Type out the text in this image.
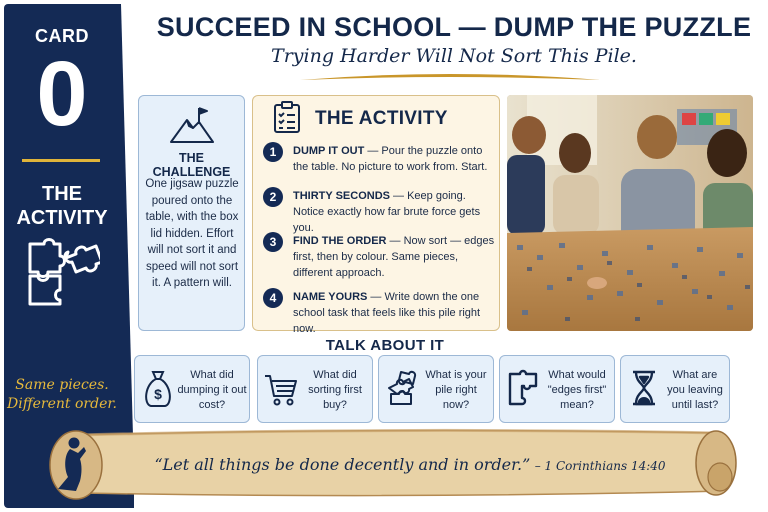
CARD
0
THE
ACTIVITY
Same pieces.
Different order.
SUCCEED IN SCHOOL — DUMP THE PUZZLE
Trying Harder Will Not Sort This Pile.
THE CHALLENGE

One jigsaw puzzle poured onto the table, with the box lid hidden. Effort will not sort it and speed will not sort it. A pattern will.

THE ACTIVITY
1	DUMP IT OUT — Pour the puzzle onto the table. No picture to work from. Start.
2	THIRTY SECONDS — Keep going. Notice exactly how far brute force gets you.
3	FIND THE ORDER — Now sort — edges first, then by colour. Same pieces, different approach.
4	NAME YOURS — Write down the one school task that feels like this pile right now.
TALK ABOUT IT
$
What did dumping it out cost?
What did sorting first buy?
What is your pile right now?
What would "edges first" mean?
What are you leaving until last?
“Let all things be done decently and in order.” – 1 Corinthians 14:40
